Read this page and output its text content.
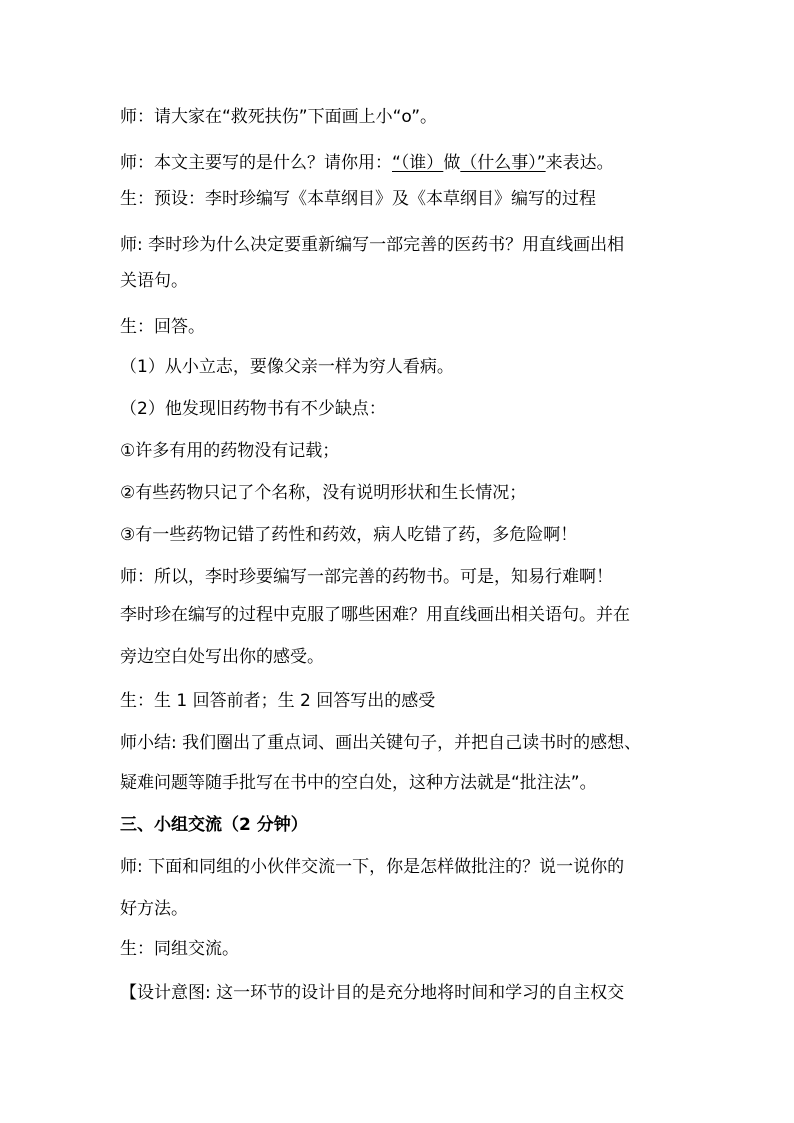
师：请大家在“救死扶伤”下面画上小“o”。
师：本文主要写的是什么？请你用：“（谁）做（什么事）”来表达。
生：预设：李时珍编写《本草纲目》及《本草纲目》编写的过程
师: 李时珍为什么决定要重新编写一部完善的医药书？用直线画出相
关语句。
生：回答。
（1）从小立志，要像父亲一样为穷人看病。
（2）他发现旧药物书有不少缺点：
①许多有用的药物没有记载；
②有些药物只记了个名称，没有说明形状和生长情况；
③有一些药物记错了药性和药效，病人吃错了药，多危险啊！
师：所以，李时珍要编写一部完善的药物书。可是，知易行难啊！
李时珍在编写的过程中克服了哪些困难？用直线画出相关语句。并在
旁边空白处写出你的感受。
生：生 1 回答前者；生 2 回答写出的感受
师小结: 我们圈出了重点词、画出关键句子，并把自己读书时的感想、
疑难问题等随手批写在书中的空白处，这种方法就是“批注法”。
三、小组交流（2 分钟）
师: 下面和同组的小伙伴交流一下，你是怎样做批注的？说一说你的
好方法。
生：同组交流。
【设计意图: 这一环节的设计目的是充分地将时间和学习的自主权交
